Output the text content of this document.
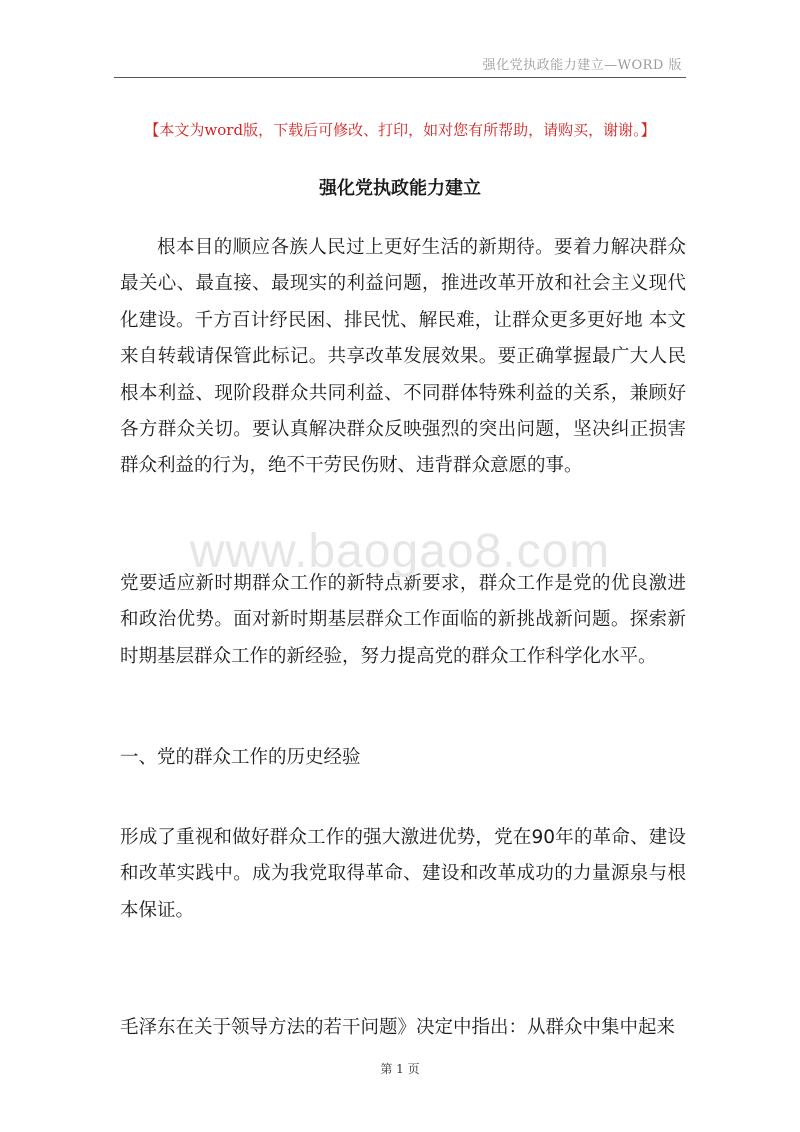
强化党执政能力建立—WORD 版
【本文为word版，下载后可修改、打印，如对您有所帮助，请购买，谢谢。】
强化党执政能力建立

根本目的顺应各族人民过上更好生活的新期待。要着力解决群众最关心、最直接、最现实的利益问题，推进改革开放和社会主义现代化建设。千方百计纾民困、排民忧、解民难，让群众更多更好地 本文来自转载请保管此标记。共享改革发展效果。要正确掌握最广大人民根本利益、现阶段群众共同利益、不同群体特殊利益的关系，兼顾好各方群众关切。要认真解决群众反映强烈的突出问题，坚决纠正损害群众利益的行为，绝不干劳民伤财、违背群众意愿的事。

党要适应新时期群众工作的新特点新要求，群众工作是党的优良激进和政治优势。面对新时期基层群众工作面临的新挑战新问题。探索新时期基层群众工作的新经验，努力提高党的群众工作科学化水平。

一、党的群众工作的历史经验

形成了重视和做好群众工作的强大激进优势，党在90年的革命、建设和改革实践中。成为我党取得革命、建设和改革成功的力量源泉与根本保证。

毛泽东在关于领导方法的若干问题》决定中指出：从群众中集中起来

www.baogao8.com
第 1 页
